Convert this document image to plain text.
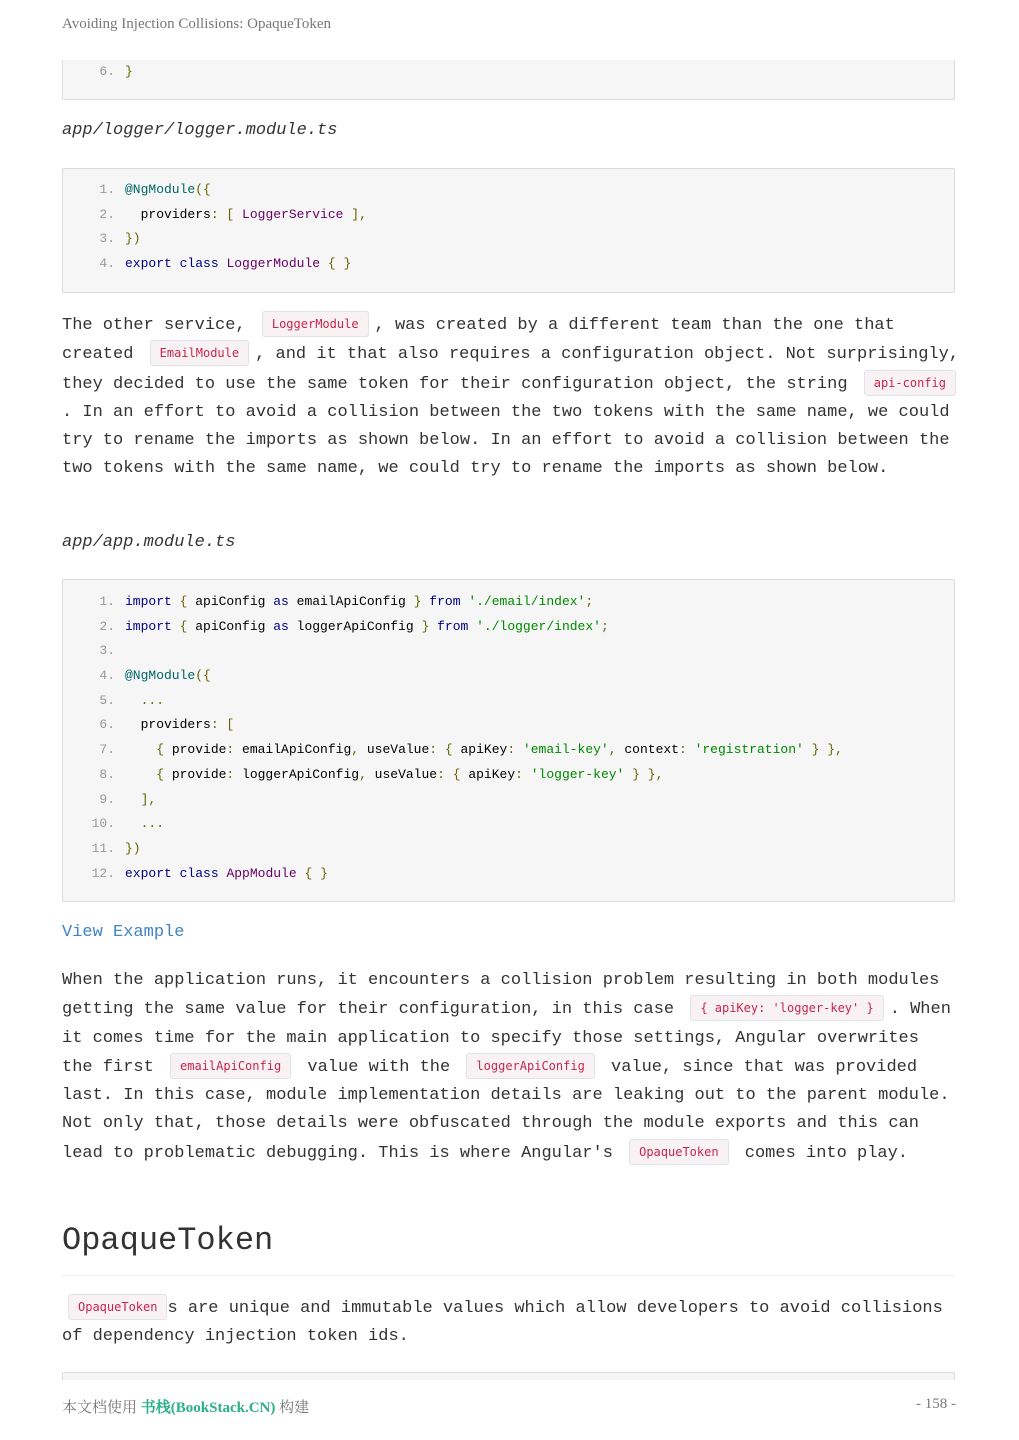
Avoiding Injection Collisions: OpaqueToken
6. }
app/logger/logger.module.ts
1. @NgModule({
2. providers: [ LoggerService ],
3. })
4. export class LoggerModule { }

The other service, LoggerModule , was created by a different team than the one that created EmailModule , and it that also requires a configuration object. Not surprisingly, they decided to use the same token for their configuration object, the string api-config. In an effort to avoid a collision between the two tokens with the same name, we could try to rename the imports as shown below. In an effort to avoid a collision between the two tokens with the same name, we could try to rename the imports as shown below.

app/app.module.ts
1. import { apiConfig as emailApiConfig } from './email/index';
2. import { apiConfig as loggerApiConfig } from './logger/index';
3.
4. @NgModule({
5. ...
6. providers: [
7. { provide: emailApiConfig, useValue: { apiKey: 'email-key', context: 'registration' } },
8. { provide: loggerApiConfig, useValue: { apiKey: 'logger-key' } },
9. ],
10. ...
11. })
12. export class AppModule { }
View Example

When the application runs, it encounters a collision problem resulting in both modules getting the same value for their configuration, in this case { apiKey: 'logger-key' } . When it comes time for the main application to specify those settings, Angular overwrites the first emailApiConfig value with the loggerApiConfig value, since that was provided last. In this case, module implementation details are leaking out to the parent module. Not only that, those details were obfuscated through the module exports and this can lead to problematic debugging. This is where Angular's OpaqueToken comes into play.

OpaqueToken

OpaqueToken s are unique and immutable values which allow developers to avoid collisions of dependency injection token ids.

本文档使用 书栈(BookStack.CN) 构建	- 158 -
